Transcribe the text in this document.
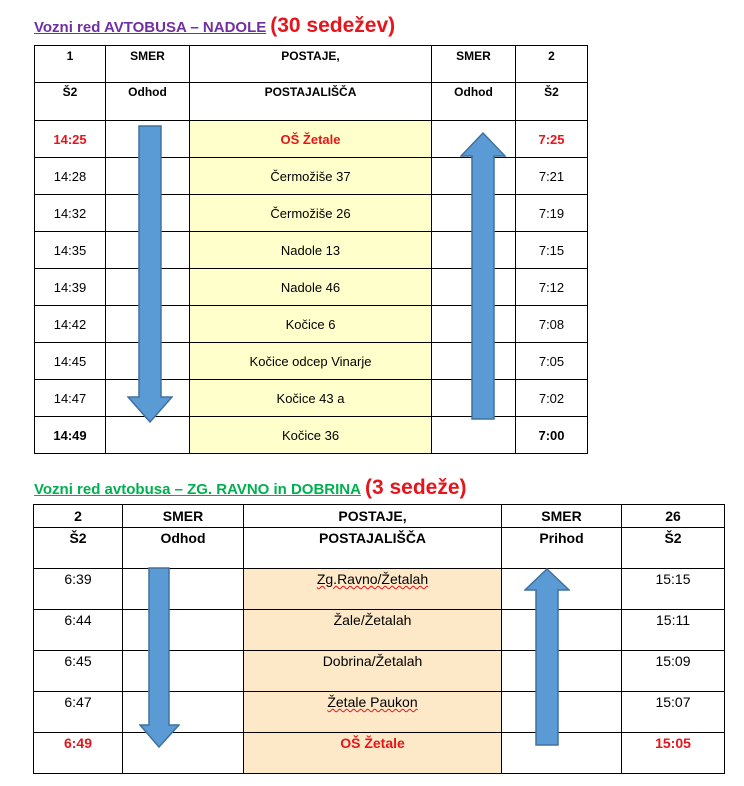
Vozni red AVTOBUSA – NADOLE (30 sedežev)
1	SMER	POSTAJE,	SMER	2
Š2	Odhod	POSTAJALIŠČA	Odhod	Š2
14:25		OŠ Žetale		7:25
14:28		Čermožiše 37		7:21
14:32		Čermožiše 26		7:19
14:35		Nadole 13		7:15
14:39		Nadole 46		7:12
14:42		Kočice 6		7:08
14:45		Kočice odcep Vinarje		7:05
14:47		Kočice 43 a		7:02
14:49		Kočice 36		7:00
Vozni red avtobusa – ZG. RAVNO in DOBRINA (3 sedeže)
2	SMER	POSTAJE,	SMER	26
Š2	Odhod	POSTAJALIŠČA	Prihod	Š2
6:39		Zg.Ravno/Žetalah		15:15
6:44		Žale/Žetalah		15:11
6:45		Dobrina/Žetalah		15:09
6:47		Žetale Paukon		15:07
6:49		OŠ Žetale		15:05
